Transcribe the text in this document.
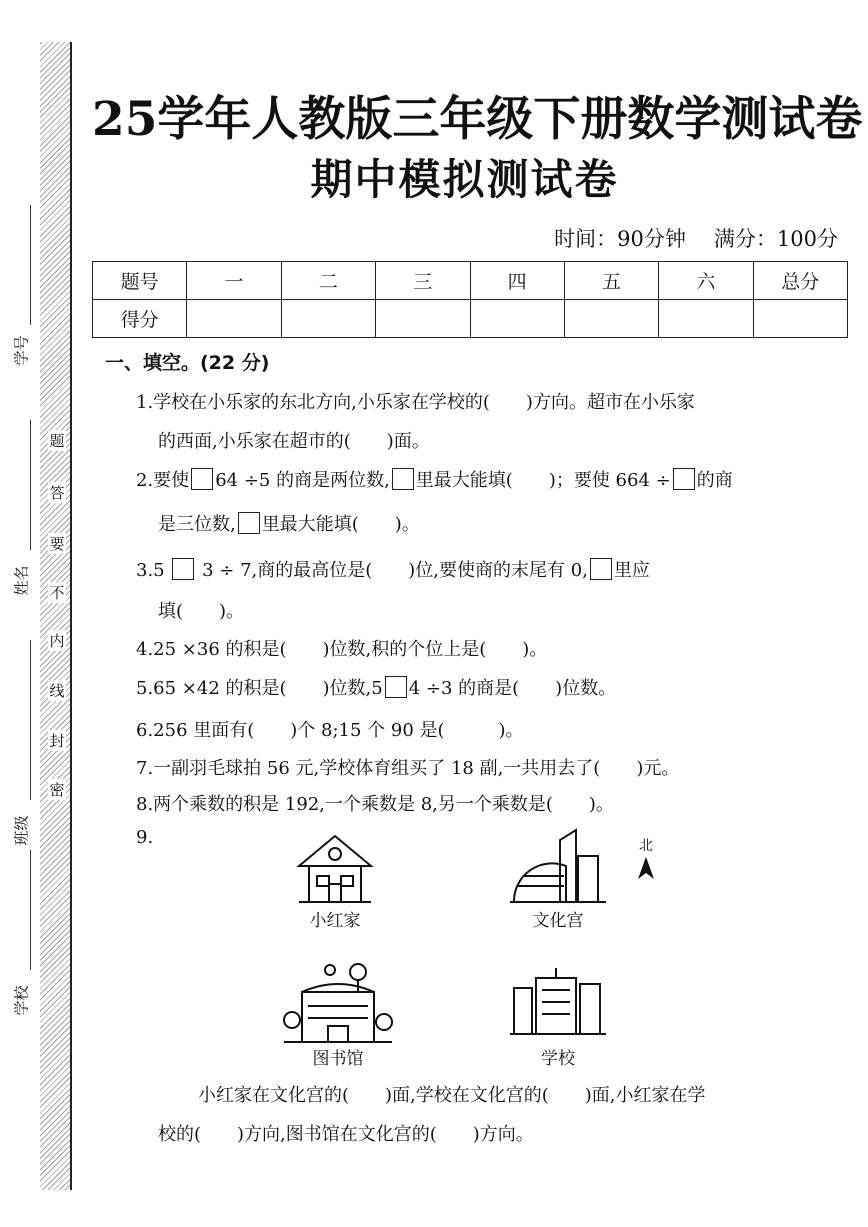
学号
姓名
班级
学校
题
答
要
不
内
线
封
密
25学年人教版三年级下册数学测试卷
期中模拟测试卷
时间：90分钟 满分：100分
题号	一	二	三	四	五	六	总分
得分							
一、填空。(22 分)
1.学校在小乐家的东北方向,小乐家在学校的(　　)方向。超市在小乐家
的西面,小乐家在超市的(　　)面。
2.要使 64 ÷5 的商是两位数, 里最大能填(　　)；要使 664 ÷ 的商
是三位数, 里最大能填(　　)。
3.5 3 ÷ 7,商的最高位是(　　)位,要使商的末尾有 0, 里应
填(　　)。
4.25 ×36 的积是(　　)位数,积的个位上是(　　)。
5.65 ×42 的积是(　　)位数,5 4 ÷3 的商是(　　)位数。
6.256 里面有(　　)个 8;15 个 90 是(　　　)。
7.一副羽毛球拍 56 元,学校体育组买了 18 副,一共用去了(　　)元。
8.两个乘数的积是 192,一个乘数是 8,另一个乘数是(　　)。
9.	北
小红家	文化宫
图书馆	学校
小红家在文化宫的(　　)面,学校在文化宫的(　　)面,小红家在学
校的(　　)方向,图书馆在文化宫的(　　)方向。
